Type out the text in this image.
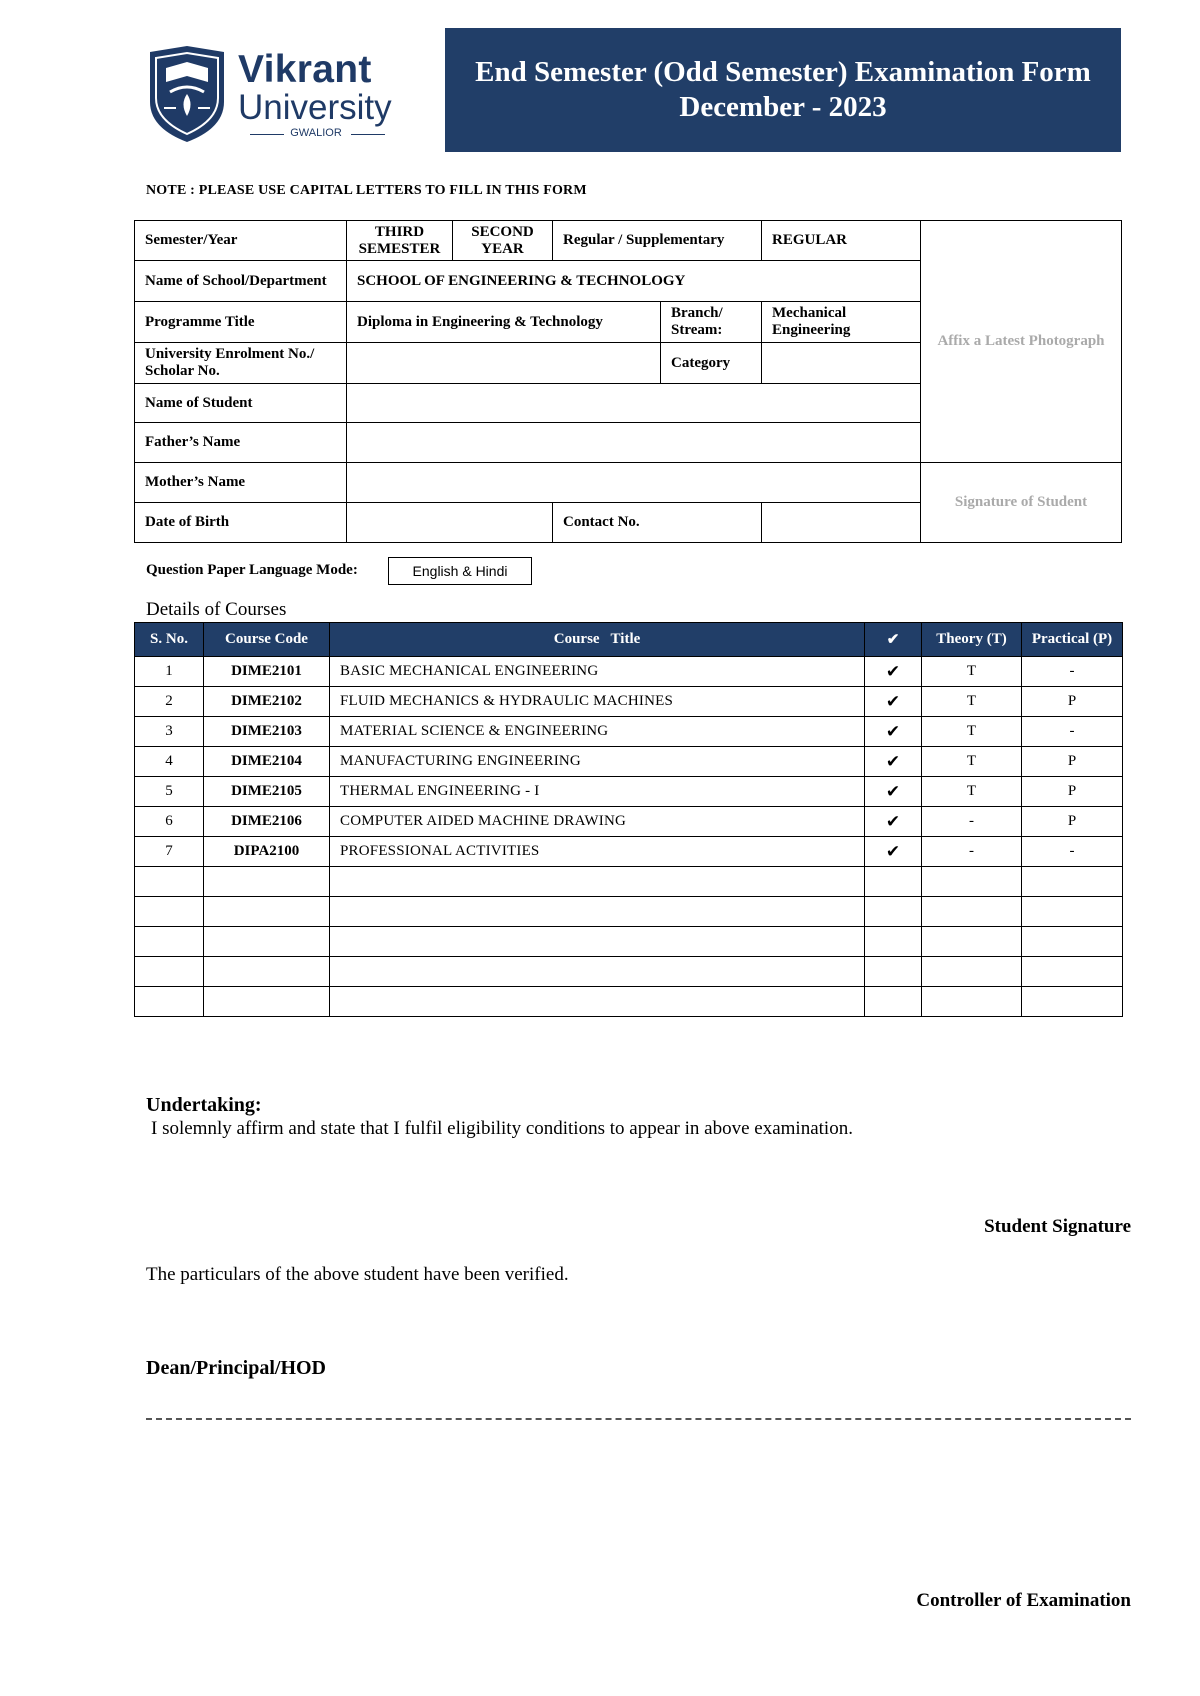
Vikrant
University
GWALIOR
End Semester (Odd Semester) Examination Form
December - 2023
NOTE : PLEASE USE CAPITAL LETTERS TO FILL IN THIS FORM
Semester/Year	THIRD SEMESTER	SECOND YEAR	Regular / Supplementary		REGULAR	Affix a Latest Photograph
Name of School/Department	SCHOOL OF ENGINEERING & TECHNOLOGY					
Programme Title	Diploma in Engineering & Technology			Branch/ Stream:	Mechanical Engineering	
University Enrolment No./ Scholar No.				Category		
Name of Student						
Father’s Name						
Mother’s Name						Signature of Student
Date of Birth			Contact No.			
Question Paper Language Mode:	English & Hindi
Details of Courses
S. No.	Course Code	Course   Title	✔	Theory (T)	Practical (P)
1	DIME2101	BASIC MECHANICAL ENGINEERING	✔	T	-
2	DIME2102	FLUID MECHANICS & HYDRAULIC MACHINES	✔	T	P
3	DIME2103	MATERIAL SCIENCE & ENGINEERING	✔	T	-
4	DIME2104	MANUFACTURING ENGINEERING	✔	T	P
5	DIME2105	THERMAL ENGINEERING - I	✔	T	P
6	DIME2106	COMPUTER AIDED MACHINE DRAWING	✔	-	P
7	DIPA2100	PROFESSIONAL ACTIVITIES	✔	-	-

Undertaking:
I solemnly affirm and state that I fulfil eligibility conditions to appear in above examination.
Student Signature
The particulars of the above student have been verified.
Dean/Principal/HOD
Controller of Examination
